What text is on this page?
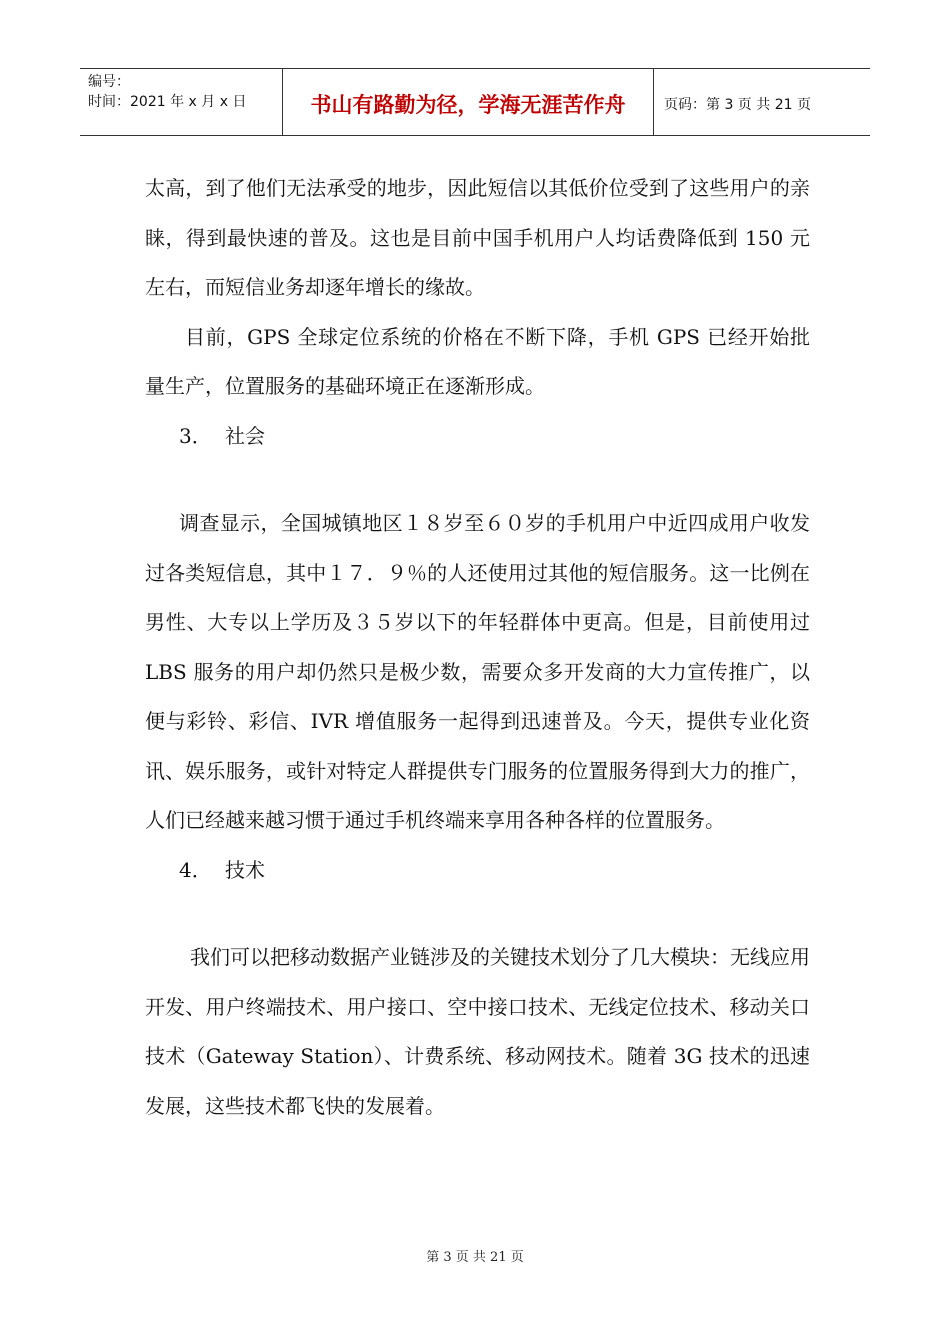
编号：
时间：2021 年 x 月 x 日	书山有路勤为径，学海无涯苦作舟	页码：第 3 页 共 21 页

太高，到了他们无法承受的地步，因此短信以其低价位受到了这些用户的亲睐，得到最快速的普及。这也是目前中国手机用户人均话费降低到 150 元左右，而短信业务却逐年增长的缘故。

目前，GPS 全球定位系统的价格在不断下降，手机 GPS 已经开始批量生产，位置服务的基础环境正在逐渐形成。

3． 社会

调查显示，全国城镇地区１８岁至６０岁的手机用户中近四成用户收发过各类短信息，其中１７．９％的人还使用过其他的短信服务。这一比例在男性、大专以上学历及３５岁以下的年轻群体中更高。但是，目前使用过 LBS 服务的用户却仍然只是极少数，需要众多开发商的大力宣传推广，以便与彩铃、彩信、IVR 增值服务一起得到迅速普及。今天，提供专业化资讯、娱乐服务，或针对特定人群提供专门服务的位置服务得到大力的推广，人们已经越来越习惯于通过手机终端来享用各种各样的位置服务。

4． 技术

我们可以把移动数据产业链涉及的关键技术划分了几大模块：无线应用开发、用户终端技术、用户接口、空中接口技术、无线定位技术、移动关口技术（Gateway Station）、计费系统、移动网技术。随着 3G 技术的迅速发展，这些技术都飞快的发展着。

第 3 页 共 21 页
